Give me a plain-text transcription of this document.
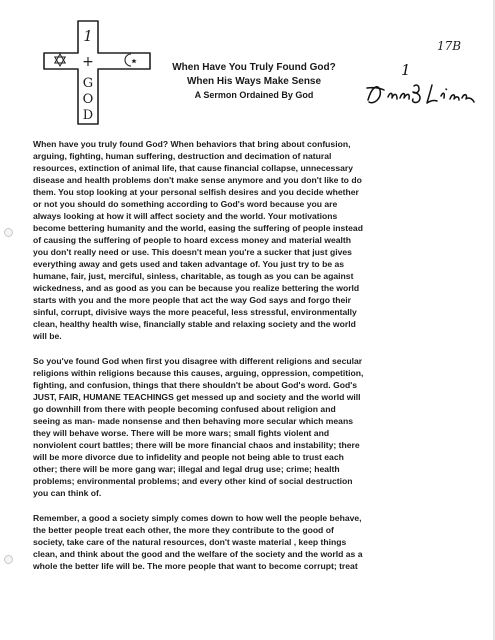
1
+
G
O
D
When Have You Truly Found God?
When His Ways Make Sense
A Sermon Ordained By God
17B
1

When have you truly found God? When behaviors that bring about confusion,
arguing, fighting, human suffering, destruction and decimation of natural
resources, extinction of animal life, that cause financial collapse, unnecessary
disease and health problems don't make sense anymore and you don't like to do
them. You stop looking at your personal selfish desires and you decide whether
or not you should do something according to God's word because you are
always looking at how it will affect society and the world. Your motivations
become bettering humanity and the world, easing the suffering of people instead
of causing the suffering of people to hoard excess money and material wealth
you don't really need or use. This doesn't mean you're a sucker that just gives
everything away and gets used and taken advantage of. You just try to be as
humane, fair, just, merciful, sinless, charitable, as tough as you can be against
wickedness, and as good as you can be because you realize bettering the world
starts with you and the more people that act the way God says and forgo their
sinful, corrupt, divisive ways the more peaceful, less stressful, environmentally
clean, healthy health wise, financially stable and relaxing society and the world
will be.

So you've found God when first you disagree with different religions and secular
religions within religions because this causes, arguing, oppression, competition,
fighting, and confusion, things that there shouldn't be about God's word. God's
JUST, FAIR, HUMANE TEACHINGS get messed up and society and the world will
go downhill from there with people becoming confused about religion and
seeing as man- made nonsense and then behaving more secular which means
they will behave worse. There will be more wars; small fights violent and
nonviolent court battles; there will be more financial chaos and instability; there
will be more divorce due to infidelity and people not being able to trust each
other; there will be more gang war; illegal and legal drug use; crime; health
problems; environmental problems; and every other kind of social destruction
you can think of.

Remember, a good a society simply comes down to how well the people behave,
the better people treat each other, the more they contribute to the good of
society, take care of the natural resources, don't waste material , keep things
clean, and think about the good and the welfare of the society and the world as a
whole the better life will be. The more people that want to become corrupt; treat
